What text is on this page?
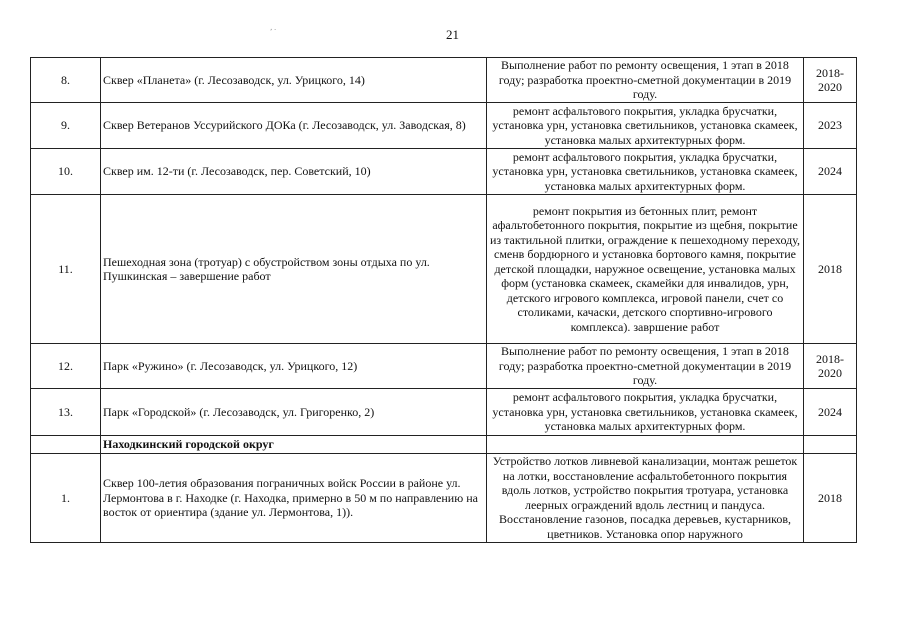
21
٬ ˋ
8.	Сквер «Планета» (г. Лесозаводск, ул. Урицкого, 14)	Выполнение работ по ремонту освещения, 1 этап в 2018 году; разработка проектно-сметной документации в 2019 году.	2018-2020
9.	Сквер Ветеранов Уссурийского ДОКа (г. Лесозаводск, ул. Заводская, 8)	ремонт асфальтового покрытия, укладка брусчатки, установка урн, установка светильников, установка скамеек, установка малых архитектурных форм.	2023
10.	Сквер им. 12-ти (г. Лесозаводск, пер. Советский, 10)	ремонт асфальтового покрытия, укладка брусчатки, установка урн, установка светильников, установка скамеек, установка малых архитектурных форм.	2024
11.	Пешеходная зона (тротуар) с обустройством зоны отдыха по ул. Пушкинская – завершение работ	ремонт покрытия из бетонных плит, ремонт афальтобетонного покрытия, покрытие из щебня, покрытие из тактильной плитки, ограждение к пешеходному переходу, сменв бордюрного и установка бортового камня, покрытие детской площадки, наружное освещение, установка малых форм (установка скамеек, скамейки для инвалидов, урн, детского игрового комплекса, игровой панели, счет со столиками, качаски, детского спортивно-игрового комплекса). завршение работ	2018
12.	Парк «Ружино» (г. Лесозаводск, ул. Урицкого, 12)	Выполнение работ по ремонту освещения, 1 этап в 2018 году; разработка проектно-сметной документации в 2019 году.	2018-2020
13.	Парк «Городской» (г. Лесозаводск, ул. Григоренко, 2)	ремонт асфальтового покрытия, укладка брусчатки, установка урн, установка светильников, установка скамеек, установка малых архитектурных форм.	2024
	Находкинский городской округ		
1.	Сквер 100-летия образования пограничных войск России в районе ул. Лермонтова в г. Находке (г. Находка, примерно в 50 м по направлению на восток от ориентира (здание ул. Лермонтова, 1)).	Устройство лотков ливневой канализации, монтаж решеток на лотки, восстановление асфальтобетонного покрытия вдоль лотков, устройство покрытия тротуара, установка леерных ограждений вдоль лестниц и пандуса. Восстановление газонов, посадка деревьев, кустарников, цветников. Установка опор наружного	2018
